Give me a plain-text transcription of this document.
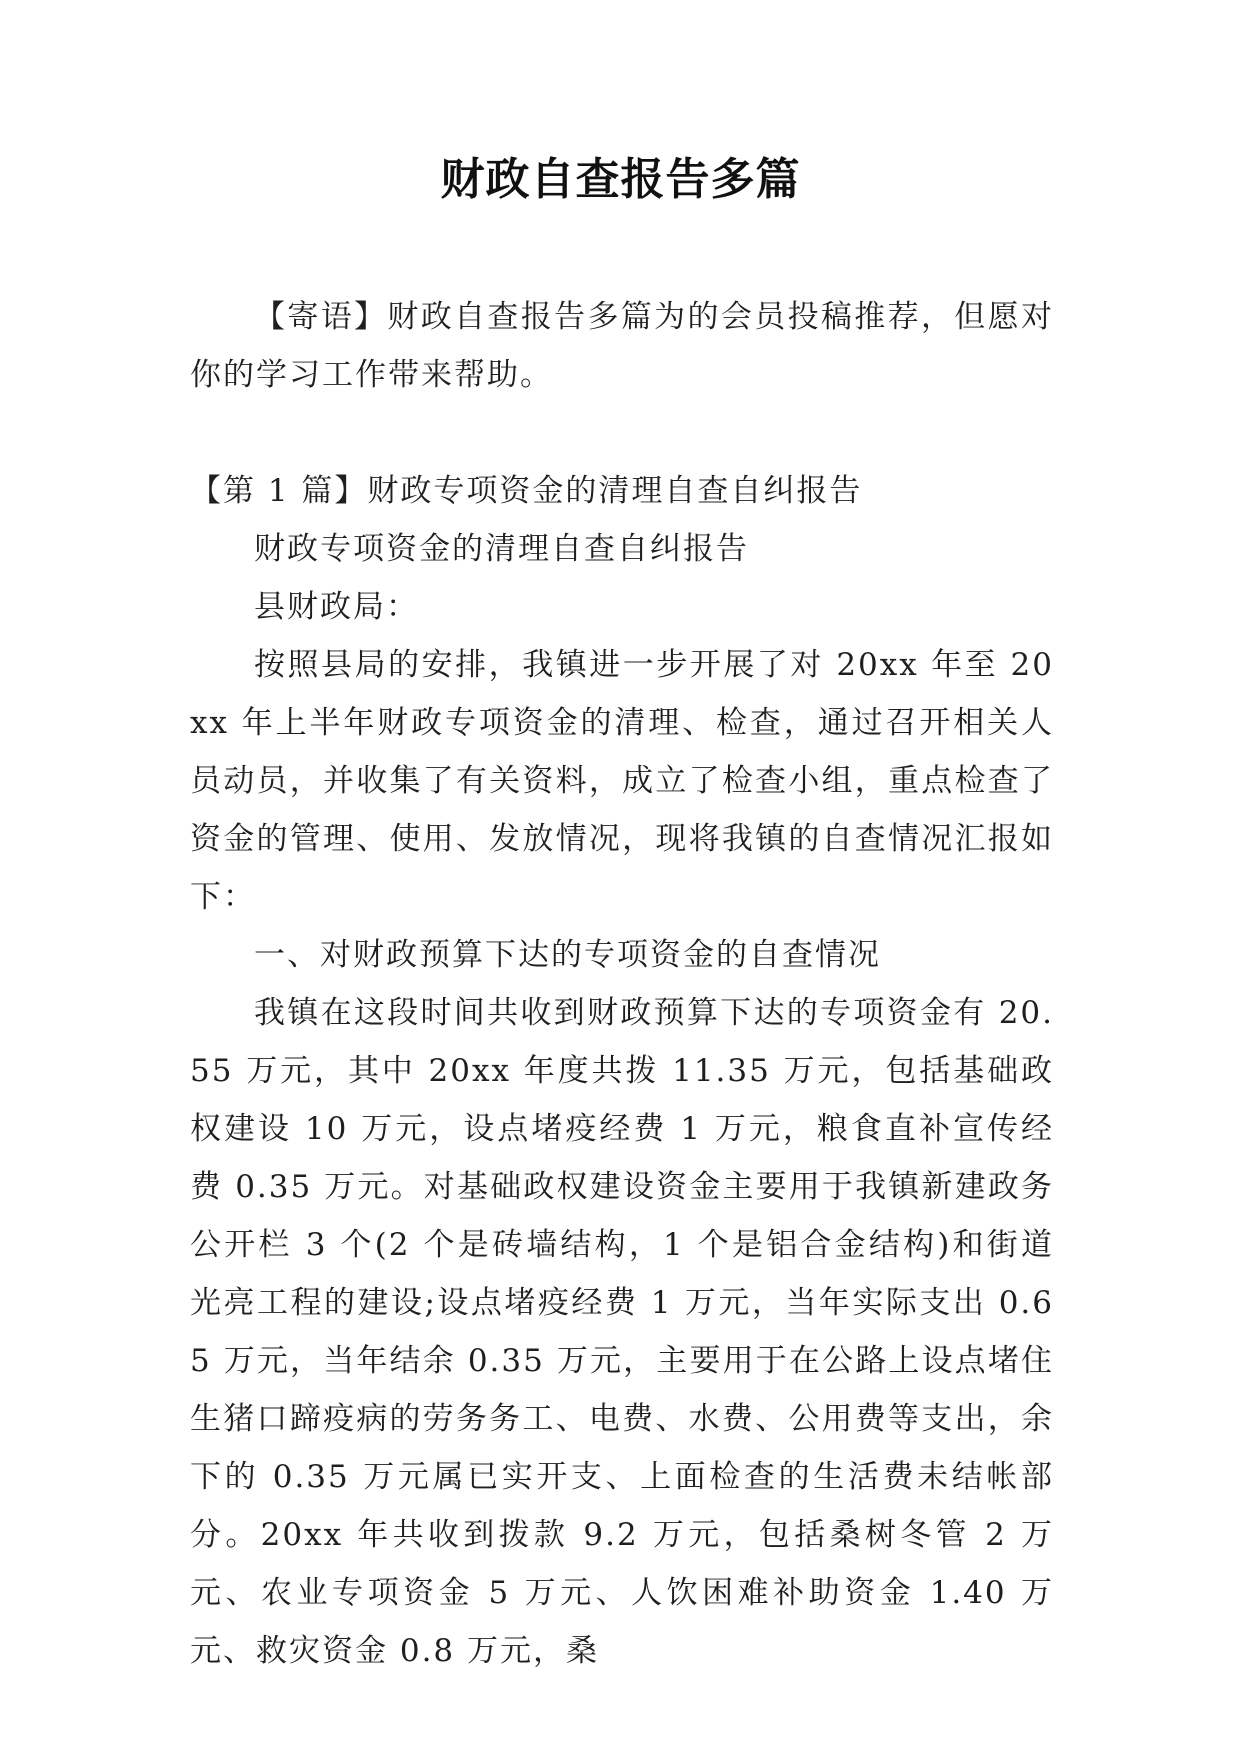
财政自查报告多篇

【寄语】财政自查报告多篇为的会员投稿推荐，但愿对你的学习工作带来帮助。

【第 1 篇】财政专项资金的清理自查自纠报告

财政专项资金的清理自查自纠报告

县财政局：

按照县局的安排，我镇进一步开展了对 20xx 年至 20xx 年上半年财政专项资金的清理、检查，通过召开相关人员动员，并收集了有关资料，成立了检查小组，重点检查了资金的管理、使用、发放情况，现将我镇的自查情况汇报如下：

一、对财政预算下达的专项资金的自查情况

我镇在这段时间共收到财政预算下达的专项资金有 20.55 万元，其中 20xx 年度共拨 11.35 万元，包括基础政权建设 10 万元，设点堵疫经费 1 万元，粮食直补宣传经费 0.35 万元。对基础政权建设资金主要用于我镇新建政务公开栏 3 个(2 个是砖墙结构，1 个是铝合金结构)和街道光亮工程的建设;设点堵疫经费 1 万元，当年实际支出 0.65 万元，当年结余 0.35 万元，主要用于在公路上设点堵住生猪口蹄疫病的劳务务工、电费、水费、公用费等支出，余下的 0.35 万元属已实开支、上面检查的生活费未结帐部分。20xx 年共收到拨款 9.2 万元，包括桑树冬管 2 万元、农业专项资金 5 万元、人饮困难补助资金 1.40 万元、救灾资金 0.8 万元，桑
